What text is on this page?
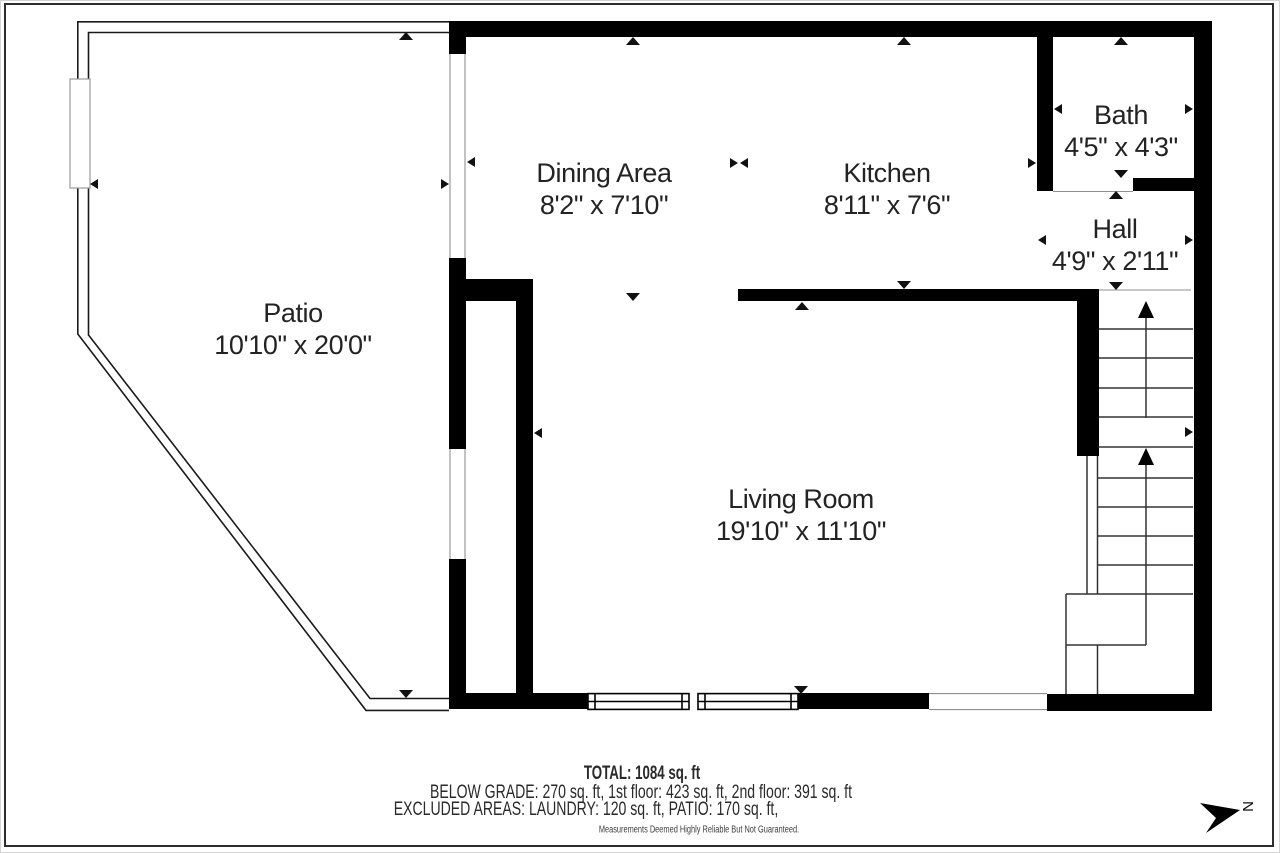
N
Patio
10'10" x 20'0"
Dining Area
8'2" x 7'10"
Kitchen
8'11" x 7'6"
Bath
4'5" x 4'3"
Hall
4'9" x 2'11"
Living Room
19'10" x 11'10"
TOTAL: 1084 sq. ft
BELOW GRADE: 270 sq. ft, 1st floor: 423 sq. ft, 2nd floor: 391 sq. ft
EXCLUDED AREAS: LAUNDRY: 120 sq. ft, PATIO: 170 sq. ft,
Measurements Deemed Highly Reliable But Not Guaranteed.
